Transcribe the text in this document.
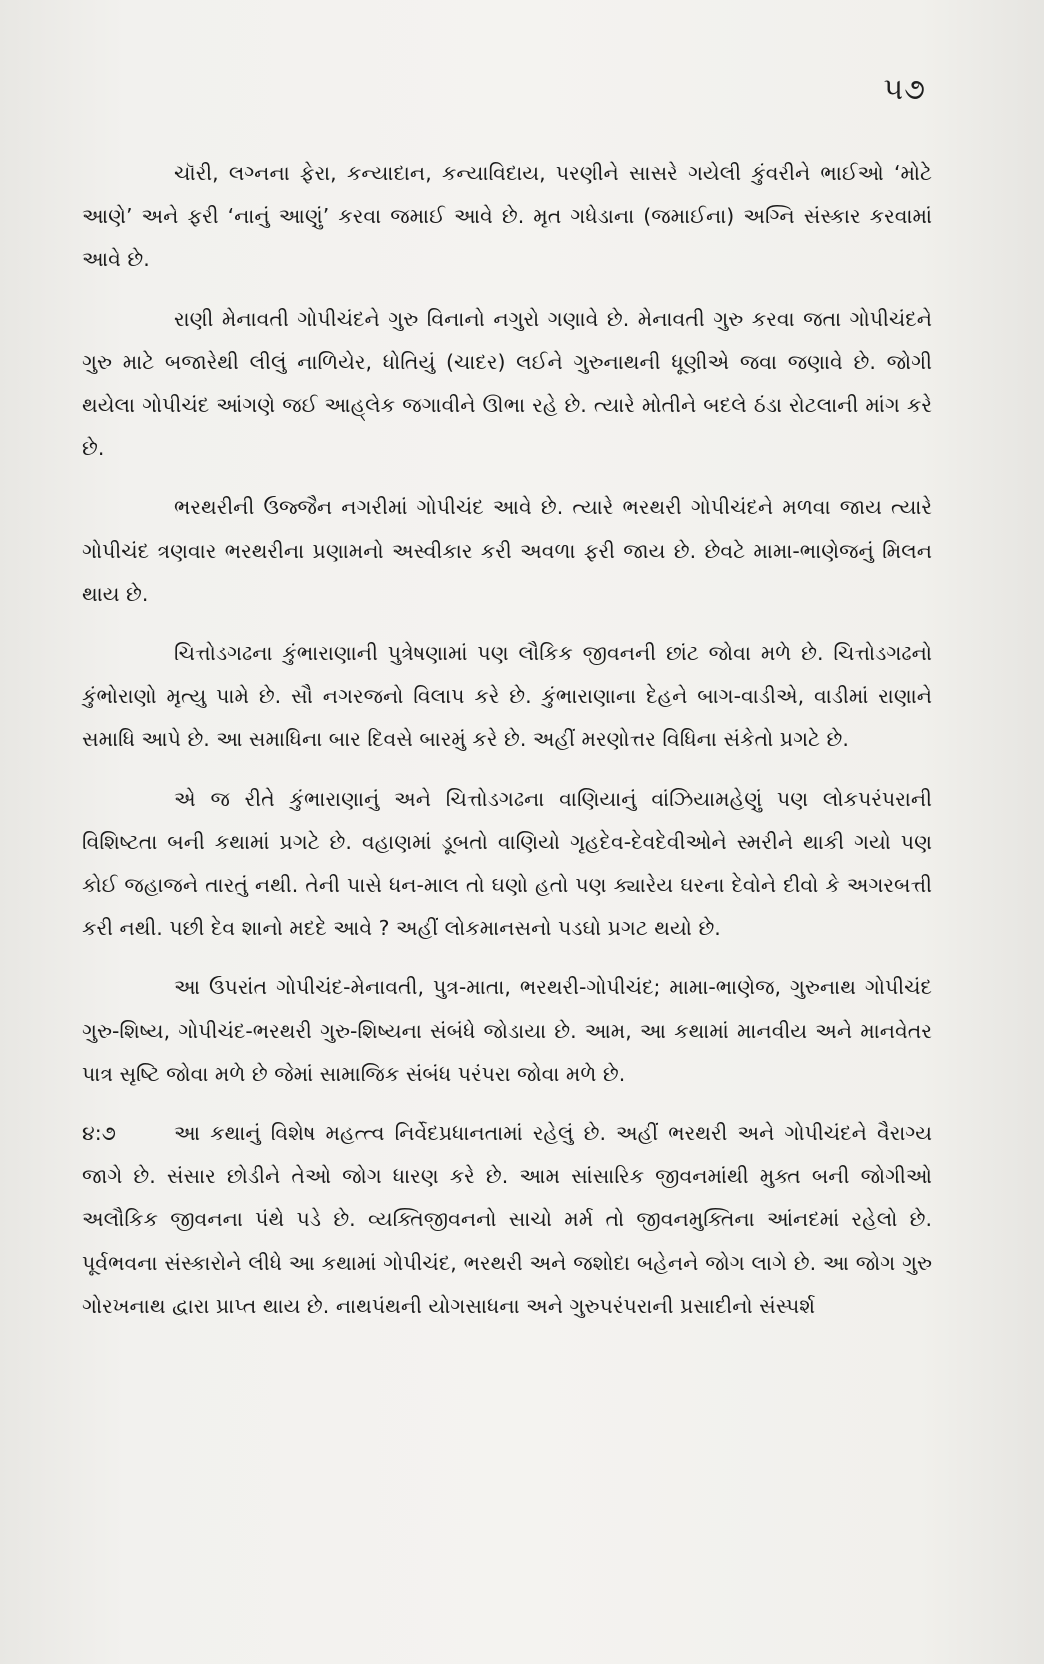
૫૭

ચૉરી, લગ્નના ફેરા, કન્યાદાન, કન્યાવિદાય, પરણીને સાસરે ગયેલી કુંવરીને ભાઈઓ ‘મોટે આણે’ અને ફરી ‘નાનું આણું’ કરવા જમાઈ આવે છે. મૃત ગધેડાના (જમાઈના) અગ્નિ સંસ્કાર કરવામાં આવે છે.

રાણી મેનાવતી ગોપીચંદને ગુરુ વિનાનો નગુરો ગણાવે છે. મેનાવતી ગુરુ કરવા જતા ગોપીચંદને ગુરુ માટે બજારેથી લીલું નાળિયેર, ધોતિયું (ચાદર) લઈને ગુરુનાથની ધૂણીએ જવા જણાવે છે. જોગી થયેલા ગોપીચંદ આંગણે જઈ આહ્‌લેક જગાવીને ઊભા રહે છે. ત્યારે મોતીને બદલે ઠંડા રોટલાની માંગ કરે છે.

ભરથરીની ઉજ્જૈન નગરીમાં ગોપીચંદ આવે છે. ત્યારે ભરથરી ગોપીચંદને મળવા જાય ત્યારે ગોપીચંદ ત્રણવાર ભરથરીના પ્રણામનો અસ્વીકાર કરી અવળા ફરી જાય છે. છેવટે મામા-ભાણેજનું મિલન થાય છે.

ચિત્તોડગઢના કુંભારાણાની પુત્રેષણામાં પણ લૌકિક જીવનની છાંટ જોવા મળે છે. ચિત્તોડગઢનો કુંભોરાણો મૃત્યુ પામે છે. સૌ નગરજનો વિલાપ કરે છે. કુંભારાણાના દેહને બાગ-વાડીએ, વાડીમાં રાણાને સમાધિ આપે છે. આ સમાધિના બાર દિવસે બારમું કરે છે. અહીં મરણોત્તર વિધિના સંકેતો પ્રગટે છે.

એ જ રીતે કુંભારાણાનું અને ચિત્તોડગઢના વાણિયાનું વાંઝિયામહેણું પણ લોકપરંપરાની વિશિષ્ટતા બની કથામાં પ્રગટે છે. વહાણમાં ડૂબતો વાણિયો ગૃહદેવ-દેવદેવીઓને સ્મરીને થાકી ગયો પણ કોઈ જહાજને તારતું નથી. તેની પાસે ધન-માલ તો ઘણો હતો પણ ક્યારેય ઘરના દેવોને દીવો કે અગરબત્તી કરી નથી. પછી દેવ શાનો મદદે આવે ? અહીં લોકમાનસનો પડઘો પ્રગટ થયો છે.

આ ઉપરાંત ગોપીચંદ-મેનાવતી, પુત્ર-માતા, ભરથરી-ગોપીચંદ; મામા-ભાણેજ, ગુરુનાથ ગોપીચંદ ગુરુ-શિષ્ય, ગોપીચંદ-ભરથરી ગુરુ-શિષ્યના સંબંધે જોડાયા છે. આમ, આ કથામાં માનવીય અને માનવેતર પાત્ર સૃષ્ટિ જોવા મળે છે જેમાં સામાજિક સંબંધ પરંપરા જોવા મળે છે.

૪:૭	આ કથાનું વિશેષ મહત્ત્વ નિર્વેદપ્રધાનતામાં રહેલું છે. અહીં ભરથરી અને ગોપીચંદને વૈરાગ્ય જાગે છે. સંસાર છોડીને તેઓ જોગ ધારણ કરે છે. આમ સાંસારિક જીવનમાંથી મુક્ત બની જોગીઓ અલૌકિક જીવનના પંથે પડે છે. વ્યક્તિજીવનનો સાચો મર્મ તો જીવનમુક્તિના આંનદમાં રહેલો છે. પૂર્વભવના સંસ્કારોને લીધે આ કથામાં ગોપીચંદ, ભરથરી અને જશોદા બહેનને જોગ લાગે છે. આ જોગ ગુરુ ગોરખનાથ દ્વારા પ્રાપ્ત થાય છે. નાથપંથની યોગસાધના અને ગુરુપરંપરાની પ્રસાદીનો સંસ્પર્શ
